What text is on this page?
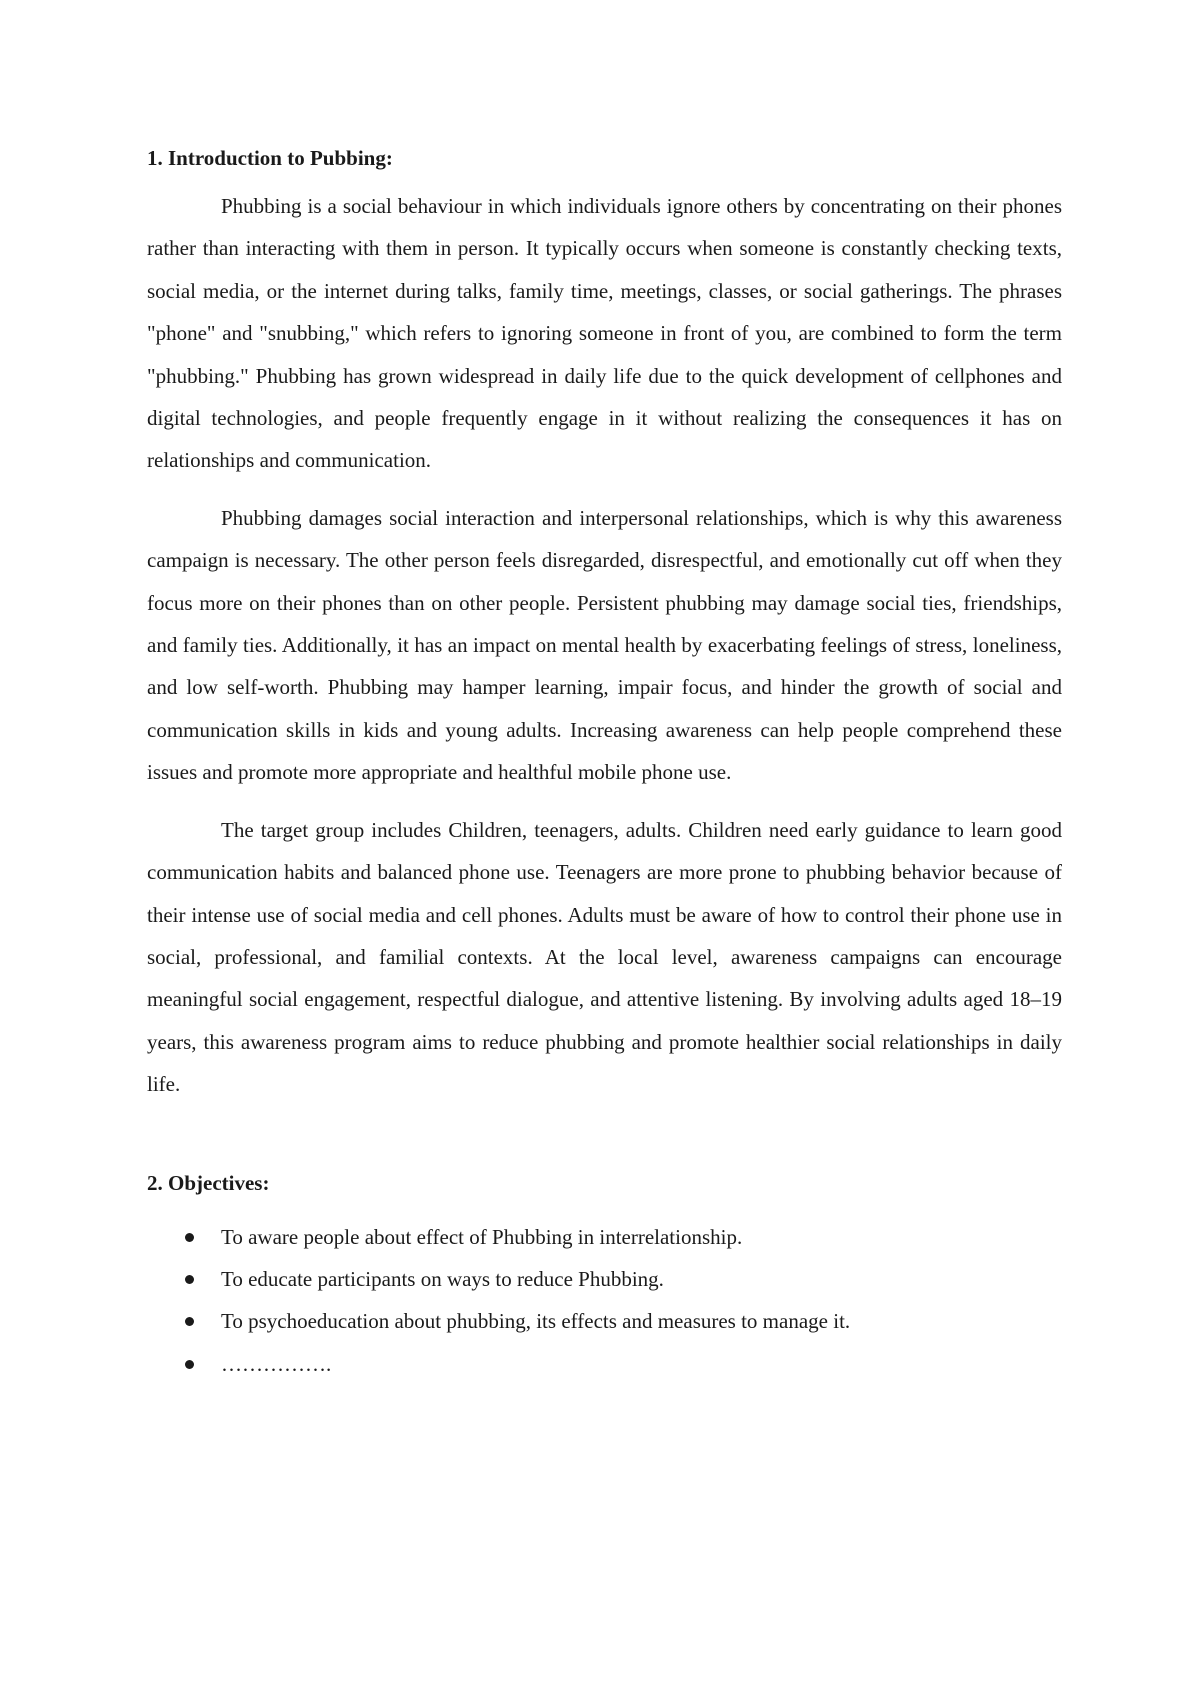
1. Introduction to Pubbing:

Phubbing is a social behaviour in which individuals ignore others by concentrating on their phones rather than interacting with them in person. It typically occurs when someone is constantly checking texts, social media, or the internet during talks, family time, meetings, classes, or social gatherings. The phrases "phone" and "snubbing," which refers to ignoring someone in front of you, are combined to form the term "phubbing." Phubbing has grown widespread in daily life due to the quick development of cellphones and digital technologies, and people frequently engage in it without realizing the consequences it has on relationships and communication.

Phubbing damages social interaction and interpersonal relationships, which is why this awareness campaign is necessary. The other person feels disregarded, disrespectful, and emotionally cut off when they focus more on their phones than on other people. Persistent phubbing may damage social ties, friendships, and family ties. Additionally, it has an impact on mental health by exacerbating feelings of stress, loneliness, and low self-worth. Phubbing may hamper learning, impair focus, and hinder the growth of social and communication skills in kids and young adults. Increasing awareness can help people comprehend these issues and promote more appropriate and healthful mobile phone use.

The target group includes Children, teenagers, adults. Children need early guidance to learn good communication habits and balanced phone use. Teenagers are more prone to phubbing behavior because of their intense use of social media and cell phones. Adults must be aware of how to control their phone use in social, professional, and familial contexts. At the local level, awareness campaigns can encourage meaningful social engagement, respectful dialogue, and attentive listening. By involving adults aged 18–19 years, this awareness program aims to reduce phubbing and promote healthier social relationships in daily life.

2. Objectives:
To aware people about effect of Phubbing in interrelationship.
To educate participants on ways to reduce Phubbing.
To psychoeducation about phubbing, its effects and measures to manage it.
…………….
